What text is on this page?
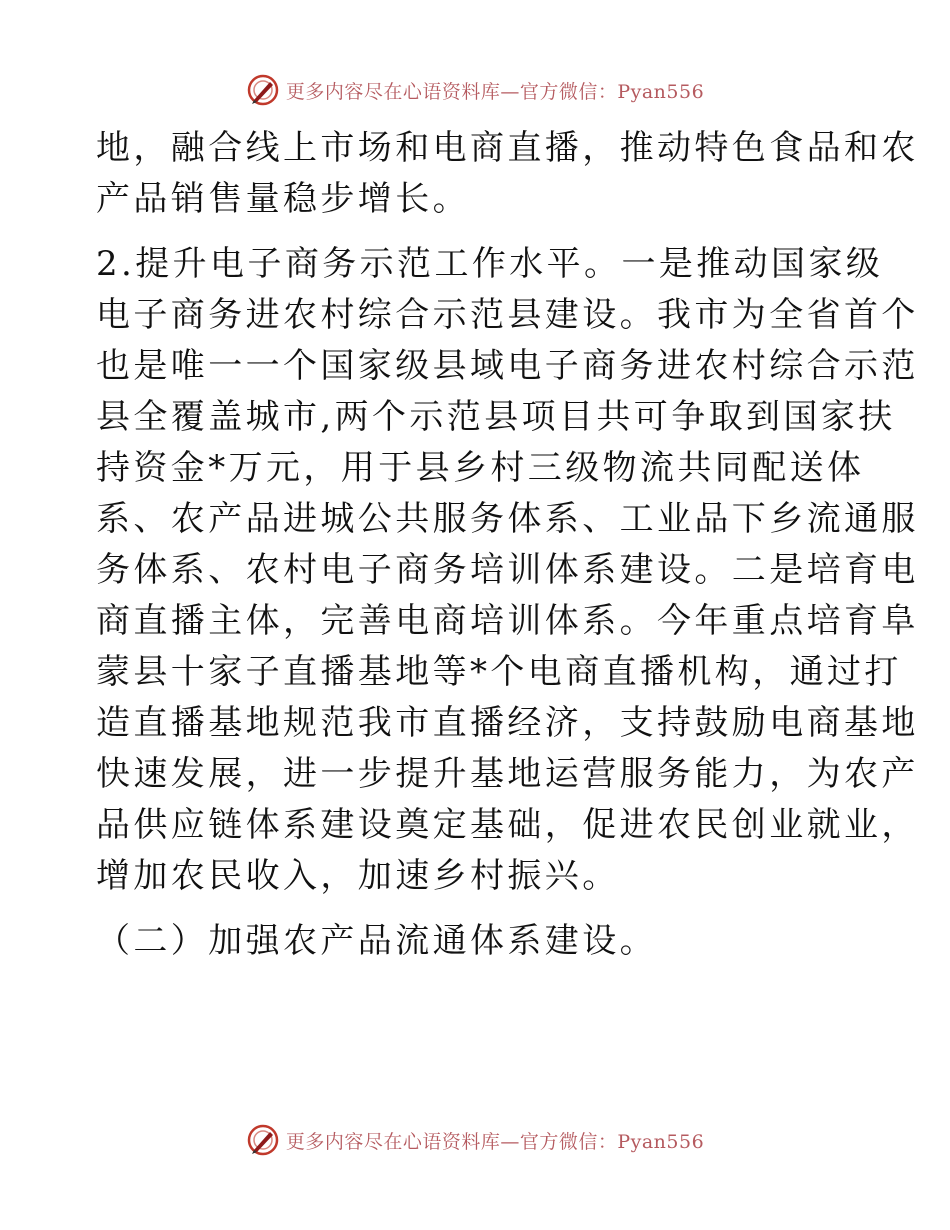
更多内容尽在心语资料库—官方微信：Pyan556
地，融合线上市场和电商直播，推动特色食品和农
产品销售量稳步增长。
2.提升电子商务示范工作水平。一是推动国家级
电子商务进农村综合示范县建设。我市为全省首个
也是唯一一个国家级县域电子商务进农村综合示范
县全覆盖城市,两个示范县项目共可争取到国家扶
持资金*万元，用于县乡村三级物流共同配送体
系、农产品进城公共服务体系、工业品下乡流通服
务体系、农村电子商务培训体系建设。二是培育电
商直播主体，完善电商培训体系。今年重点培育阜
蒙县十家子直播基地等*个电商直播机构，通过打
造直播基地规范我市直播经济，支持鼓励电商基地
快速发展，进一步提升基地运营服务能力，为农产
品供应链体系建设奠定基础，促进农民创业就业，
增加农民收入，加速乡村振兴。
（二）加强农产品流通体系建设。
更多内容尽在心语资料库—官方微信：Pyan556
